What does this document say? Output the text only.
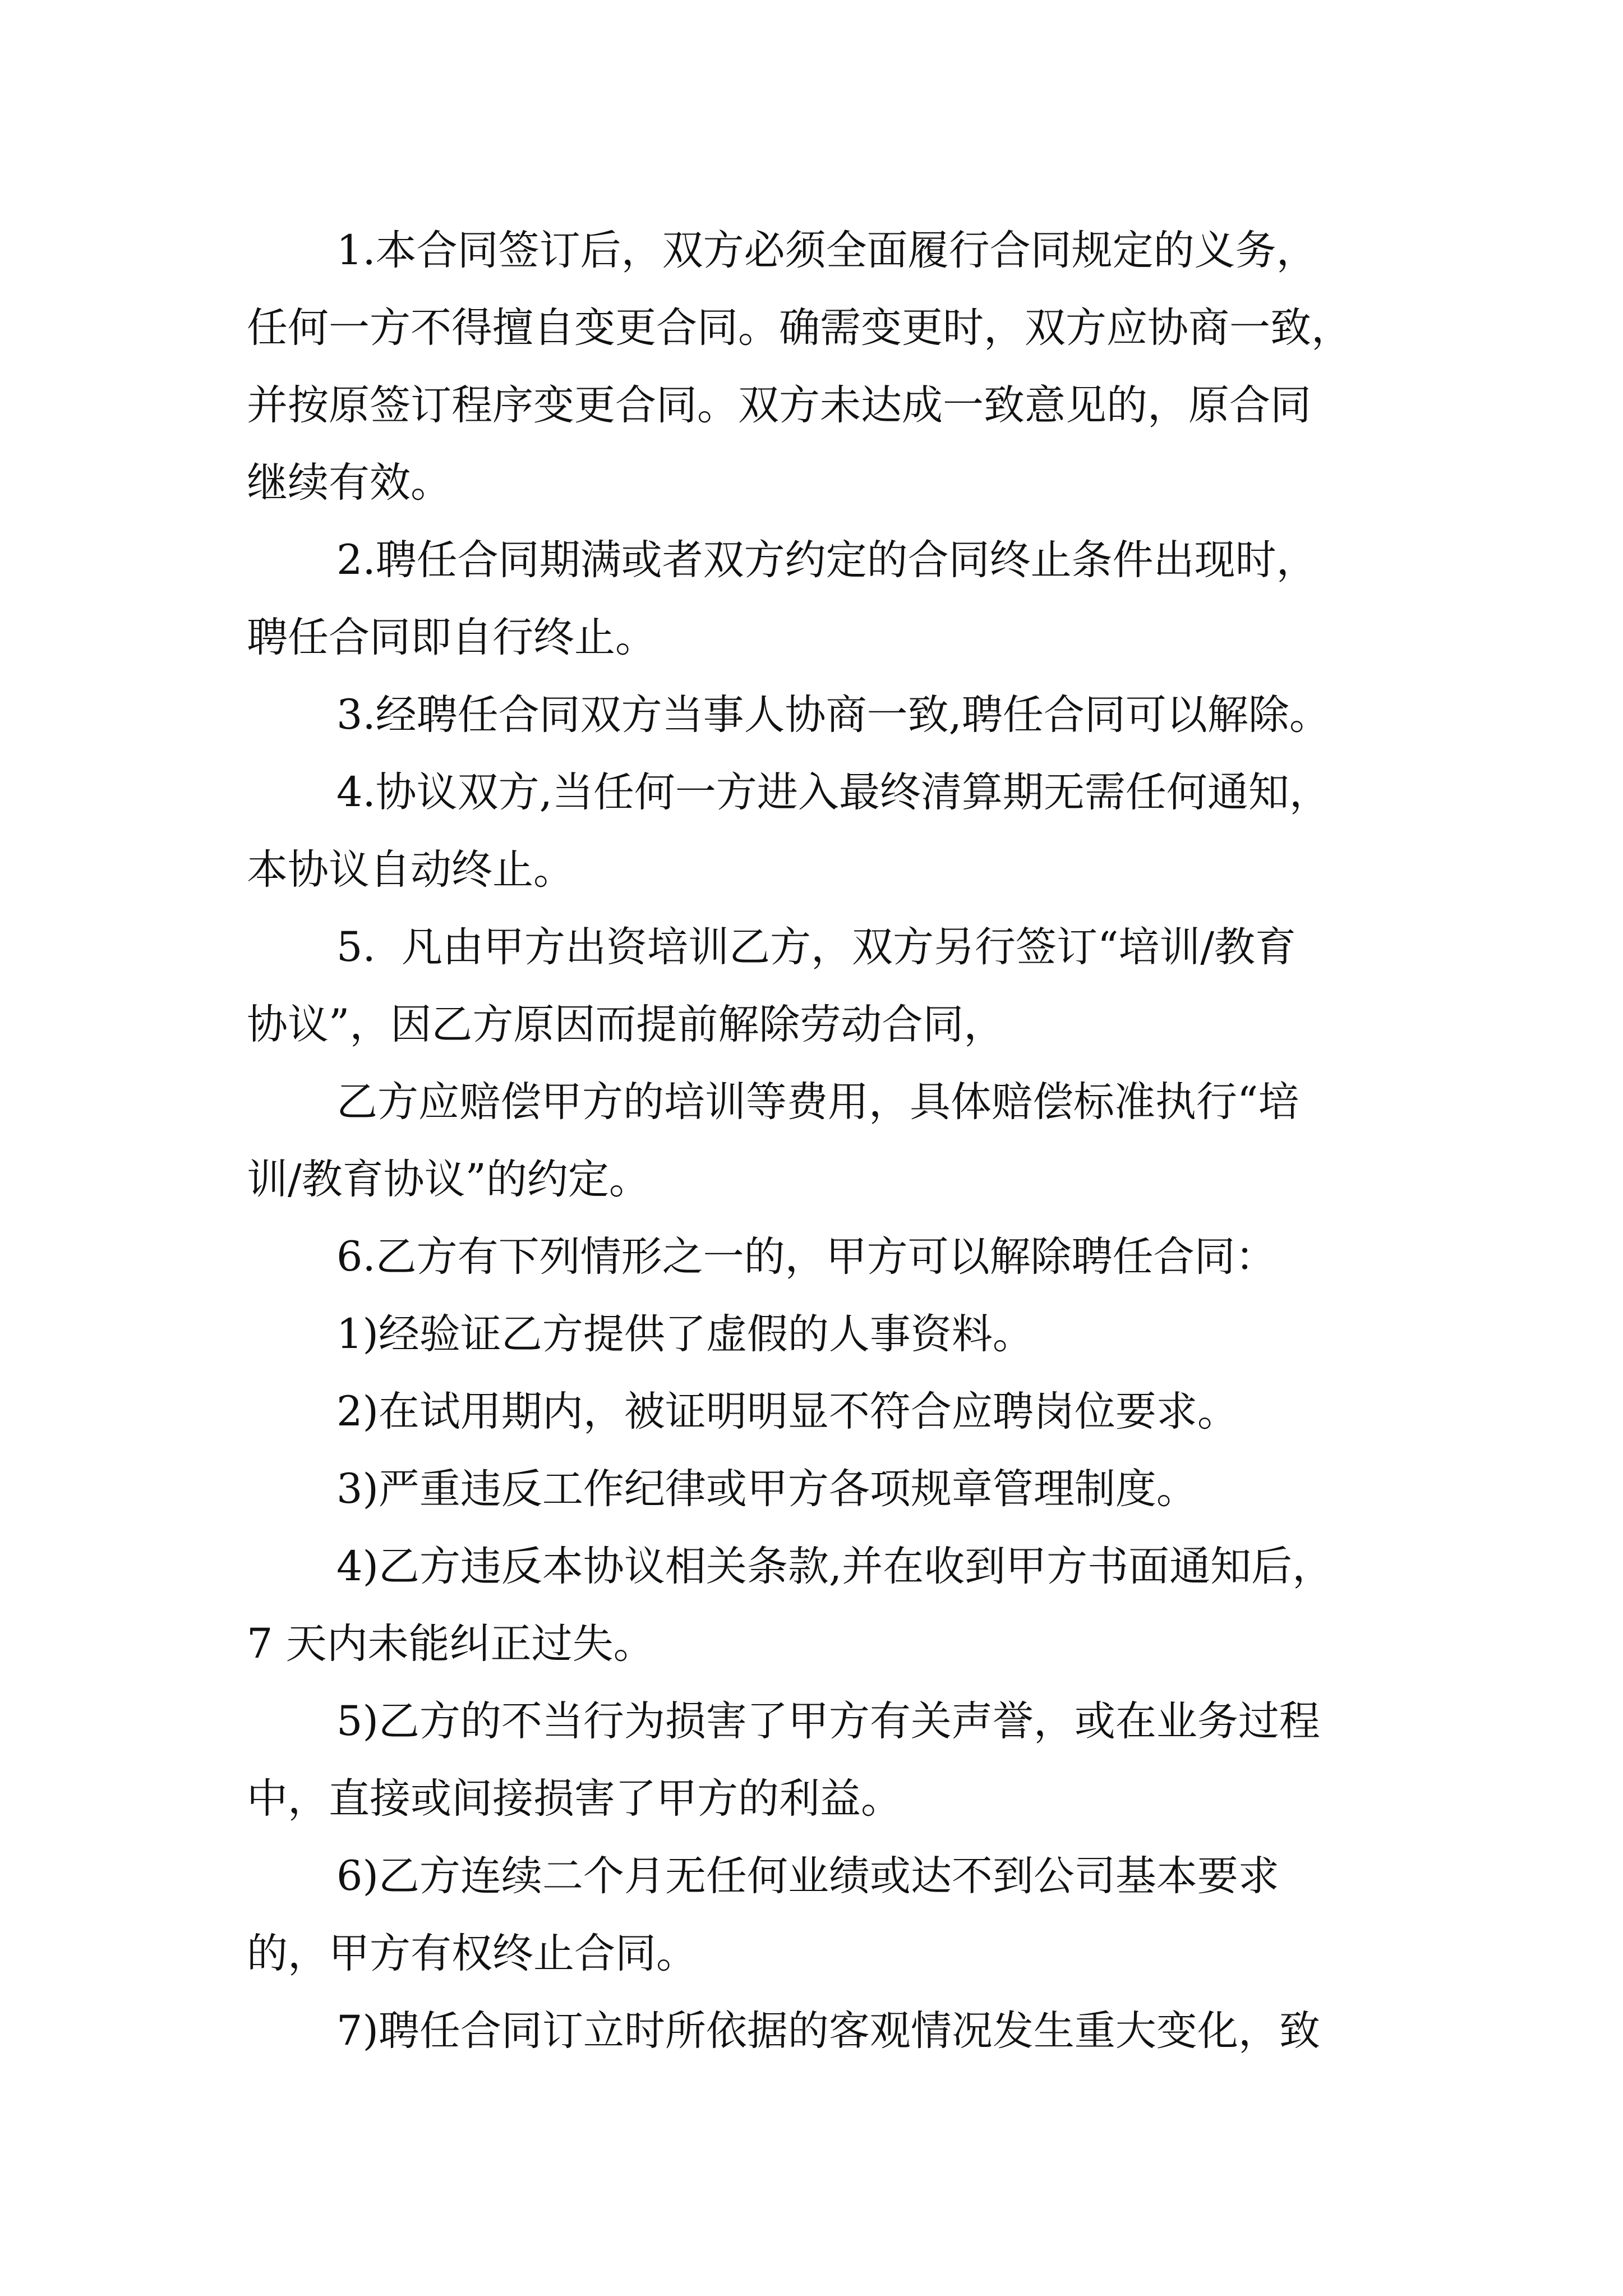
1.本合同签订后，双方必须全面履行合同规定的义务，
任何一方不得擅自变更合同。确需变更时，双方应协商一致，
并按原签订程序变更合同。双方未达成一致意见的，原合同
继续有效。
2.聘任合同期满或者双方约定的合同终止条件出现时，
聘任合同即自行终止。
3.经聘任合同双方当事人协商一致,聘任合同可以解除。
4.协议双方,当任何一方进入最终清算期无需任何通知，
本协议自动终止。
5.  凡由甲方出资培训乙方，双方另行签订“培训/教育
协议”，因乙方原因而提前解除劳动合同，
乙方应赔偿甲方的培训等费用，具体赔偿标准执行“培
训/教育协议”的约定。
6.乙方有下列情形之一的，甲方可以解除聘任合同：
1)经验证乙方提供了虚假的人事资料。
2)在试用期内，被证明明显不符合应聘岗位要求。
3)严重违反工作纪律或甲方各项规章管理制度。
4)乙方违反本协议相关条款,并在收到甲方书面通知后，
7 天内未能纠正过失。
5)乙方的不当行为损害了甲方有关声誉，或在业务过程
中，直接或间接损害了甲方的利益。
6)乙方连续二个月无任何业绩或达不到公司基本要求
的，甲方有权终止合同。
7)聘任合同订立时所依据的客观情况发生重大变化，致
